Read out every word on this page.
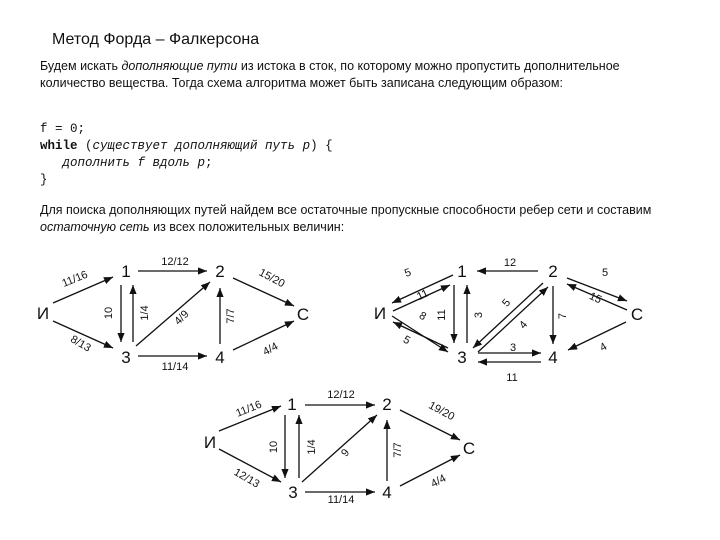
Метод Форда – Фалкерсона
Будем искать дополняющие пути из истока в сток, по которому можно пропустить дополнительное количество вещества. Тогда схема алгоритма может быть записана следующим образом:
f = 0;
while (существует дополняющий путь p) {
дополнить f вдоль p;
}
Для поиска дополняющих путей найдем все остаточные пропускные способности ребер сети и составим остаточную сеть из всех положительных величин:
И
1	2
3	4
С
11/16
8/13
10 1/4
12/12
4/9	7/7
11/14
15/20
4/4
И
1	2
3	4
С
5
11
8
5
11 3
12
5
4
7
5
15
3
11
4
И
1	2
3	4
С
11/16
12/13
10 1/4
12/12
9	7/7
11/14
19/20
4/4
